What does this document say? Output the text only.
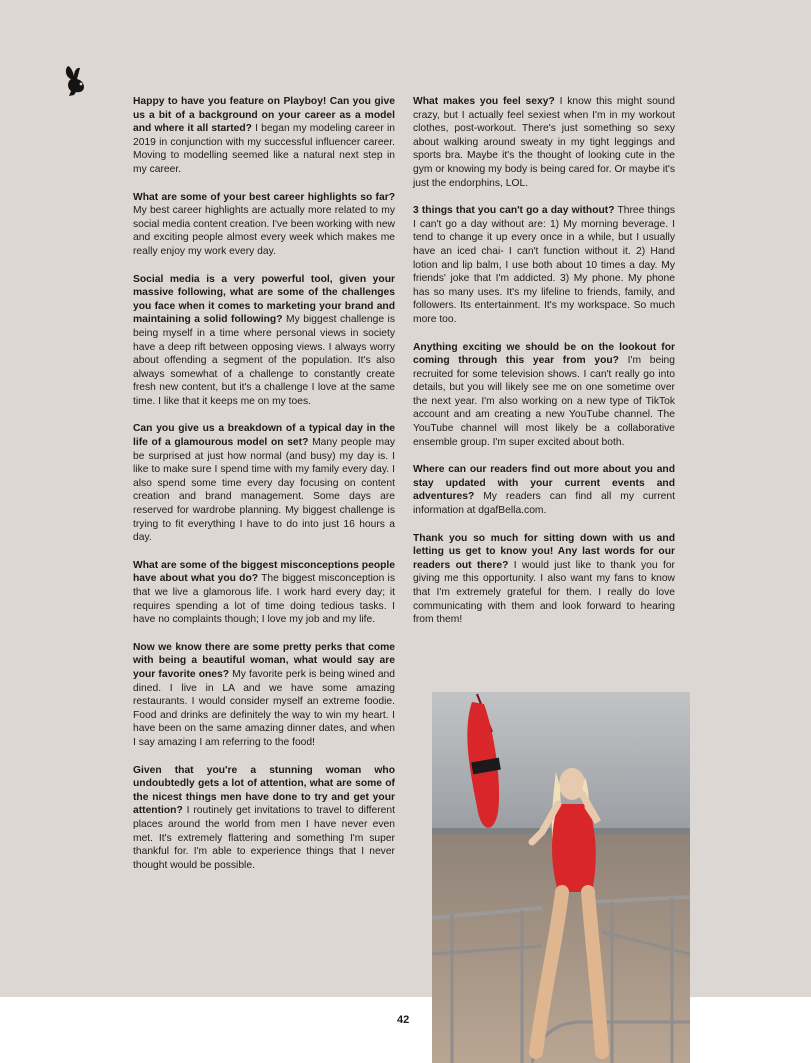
Happy to have you feature on Playboy! Can you give us a bit of a background on your career as a model and where it all started? I began my modeling career in 2019 in conjunction with my successful influencer career. Moving to modelling seemed like a natural next step in my career.

What are some of your best career highlights so far? My best career highlights are actually more related to my social media content creation. I've been working with new and exciting people almost every week which makes me really enjoy my work every day.

Social media is a very powerful tool, given your massive following, what are some of the challenges you face when it comes to marketing your brand and maintaining a solid following? My biggest challenge is being myself in a time where personal views in society have a deep rift between opposing views. I always worry about offending a segment of the population. It's also always somewhat of a challenge to constantly create fresh new content, but it's a challenge I love at the same time. I like that it keeps me on my toes.

Can you give us a breakdown of a typical day in the life of a glamourous model on set? Many people may be surprised at just how normal (and busy) my day is. I like to make sure I spend time with my family every day. I also spend some time every day focusing on content creation and brand management. Some days are reserved for wardrobe planning. My biggest challenge is trying to fit everything I have to do into just 16 hours a day.

What are some of the biggest misconceptions people have about what you do? The biggest misconception is that we live a glamorous life. I work hard every day; it requires spending a lot of time doing tedious tasks. I have no complaints though; I love my job and my life.

Now we know there are some pretty perks that come with being a beautiful woman, what would say are your favorite ones? My favorite perk is being wined and dined. I live in LA and we have some amazing restaurants. I would consider myself an extreme foodie. Food and drinks are definitely the way to win my heart. I have been on the same amazing dinner dates, and when I say amazing I am referring to the food!

Given that you're a stunning woman who undoubtedly gets a lot of attention, what are some of the nicest things men have done to try and get your attention? I routinely get invitations to travel to different places around the world from men I have never even met. It's extremely flattering and something I'm super thankful for. I'm able to experience things that I never thought would be possible.

What makes you feel sexy? I know this might sound crazy, but I actually feel sexiest when I'm in my workout clothes, post-workout. There's just something so sexy about walking around sweaty in my tight leggings and sports bra. Maybe it's the thought of looking cute in the gym or knowing my body is being cared for. Or maybe it's just the endorphins, LOL.

3 things that you can't go a day without? Three things I can't go a day without are: 1) My morning beverage. I tend to change it up every once in a while, but I usually have an iced chai- I can't function without it. 2) Hand lotion and lip balm, I use both about 10 times a day. My friends' joke that I'm addicted. 3) My phone. My phone has so many uses. It's my lifeline to friends, family, and followers. Its entertainment. It's my workspace. So much more too.

Anything exciting we should be on the lookout for coming through this year from you? I'm being recruited for some television shows. I can't really go into details, but you will likely see me on one sometime over the next year. I'm also working on a new type of TikTok account and am creating a new YouTube channel. The YouTube channel will most likely be a collaborative ensemble group. I'm super excited about both.

Where can our readers find out more about you and stay updated with your current events and adventures? My readers can find all my current information at dgafBella.com.

Thank you so much for sitting down with us and letting us get to know you! Any last words for our readers out there? I would just like to thank you for giving me this opportunity. I also want my fans to know that I'm extremely grateful for them. I really do love communicating with them and look forward to hearing from them!

42
